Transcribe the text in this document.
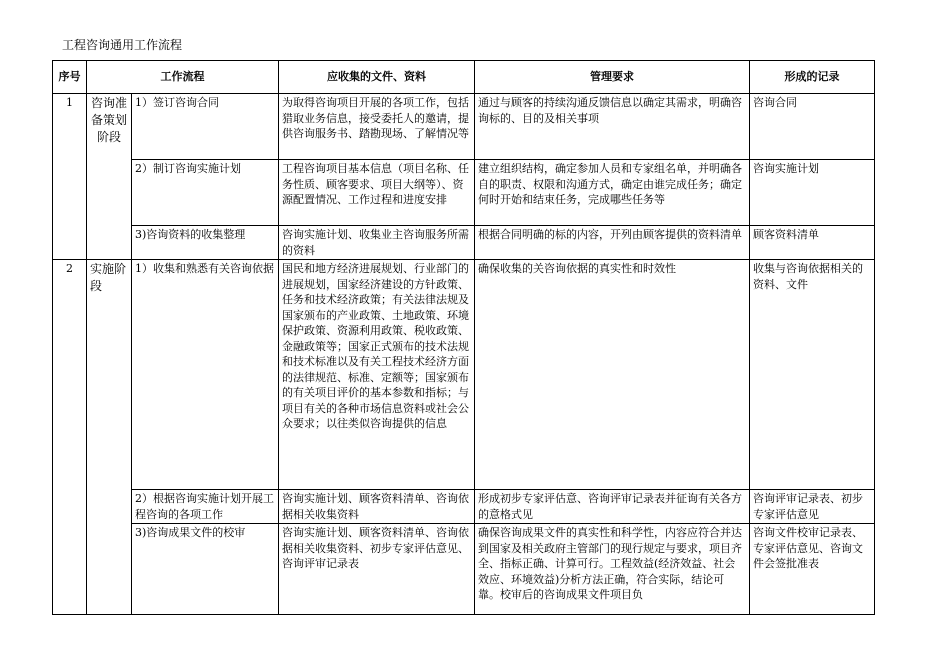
工程咨询通用工作流程
序号	工作流程		应收集的文件、资料	管理要求	形成的记录
1	咨询准备策划阶段	1）签订咨询合同	为取得咨询项目开展的各项工作，包括猎取业务信息，接受委托人的邀请，提供咨询服务书、踏勘现场、了解情况等	通过与顾客的持续沟通反馈信息以确定其需求，明确咨询标的、目的及相关事项	咨询合同
		2）制订咨询实施计划	工程咨询项目基本信息（项目名称、任务性质、顾客要求、项目大纲等）、资源配置情况、工作过程和进度安排	建立组织结构，确定参加人员和专家组名单，并明确各自的职责、权限和沟通方式，确定由谁完成任务；确定何时开始和结束任务，完成哪些任务等	咨询实施计划
		3)咨询资料的收集整理	咨询实施计划、收集业主咨询服务所需的资料	根据合同明确的标的内容，开列由顾客提供的资料清单	顾客资料清单
2	实施阶段	1）收集和熟悉有关咨询依据	国民和地方经济进展规划、行业部门的进展规划，国家经济建设的方针政策、任务和技术经济政策；有关法律法规及国家颁布的产业政策、土地政策、环境保护政策、资源利用政策、税收政策、金融政策等；国家正式颁布的技术法规和技术标准以及有关工程技术经济方面的法律规范、标准、定额等；国家颁布的有关项目评价的基本参数和指标；与项目有关的各种市场信息资料或社会公众要求；以往类似咨询提供的信息	确保收集的关咨询依据的真实性和时效性	收集与咨询依据相关的资料、文件
		2）根据咨询实施计划开展工程咨询的各项工作	咨询实施计划、顾客资料清单、咨询依据相关收集资料	形成初步专家评估意、咨询评审记录表并征询有关各方的意格式见	咨询评审记录表、初步专家评估意见

		3)咨询成果文件的校审	咨询实施计划、顾客资料清单、咨询依据相关收集资料、初步专家评估意见、咨询评审记录表	确保咨询成果文件的真实性和科学性，内容应符合并达到国家及相关政府主管部门的现行规定与要求，项目齐全、指标正确、计算可行。工程效益(经济效益、社会效应、环境效益)分析方法正确，符合实际，结论可靠。校审后的咨询成果文件项目负	咨询文件校审记录表、专家评估意见、咨询文件会签批准表
